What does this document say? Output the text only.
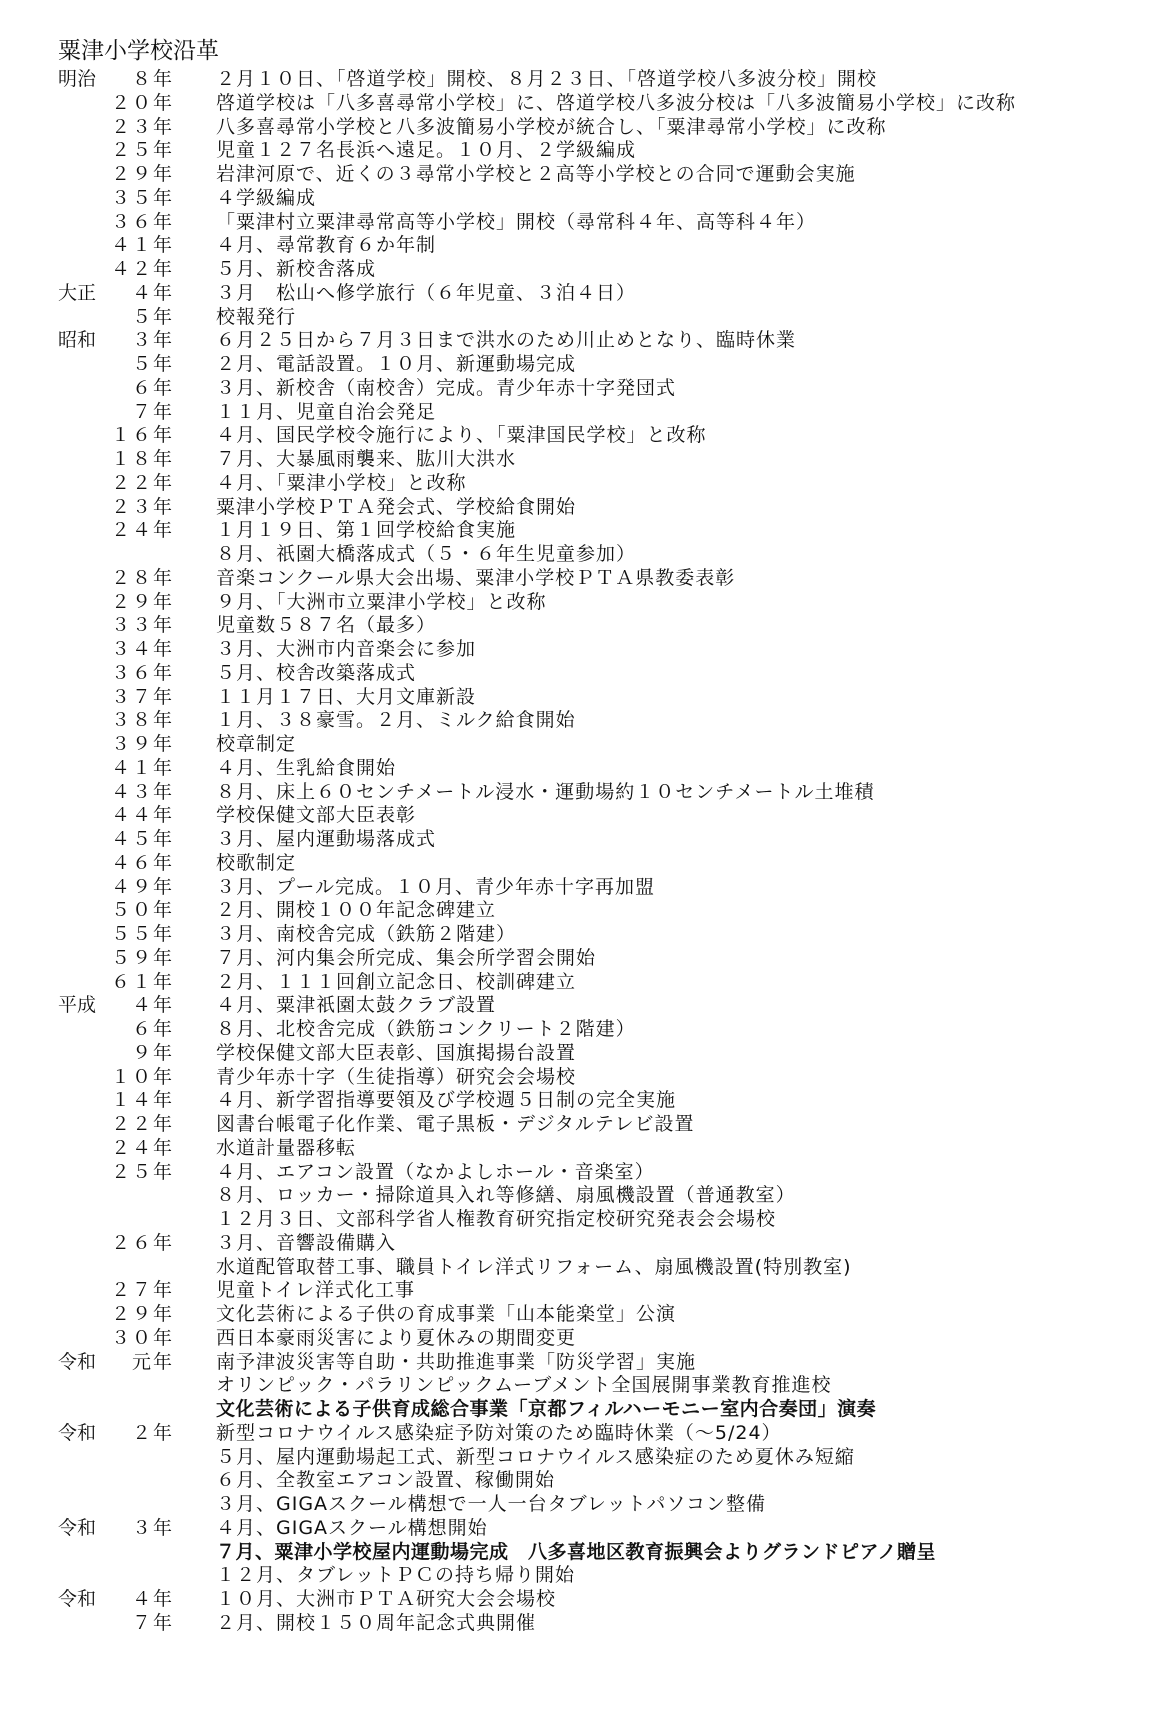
粟津小学校沿革
明治	８年 ２月１０日、「啓道学校」開校、８月２３日、「啓道学校八多波分校」開校
２０年 啓道学校は「八多喜尋常小学校」に、啓道学校八多波分校は「八多波簡易小学校」に改称
２３年 八多喜尋常小学校と八多波簡易小学校が統合し、「粟津尋常小学校」に改称
２５年 児童１２７名長浜へ遠足。１０月、２学級編成
２９年 岩津河原で、近くの３尋常小学校と２高等小学校との合同で運動会実施
３５年 ４学級編成
３６年 「粟津村立粟津尋常高等小学校」開校（尋常科４年、高等科４年）
４１年 ４月、尋常教育６か年制
４２年 ５月、新校舎落成
大正	４年 ３月　松山へ修学旅行（６年児童、３泊４日）
５年 校報発行
昭和	３年 ６月２５日から７月３日まで洪水のため川止めとなり、臨時休業
５年 ２月、電話設置。１０月、新運動場完成
６年 ３月、新校舎（南校舎）完成。青少年赤十字発団式
７年 １１月、児童自治会発足
１６年 ４月、国民学校令施行により、「粟津国民学校」と改称
１８年 ７月、大暴風雨襲来、肱川大洪水
２２年 ４月、「粟津小学校」と改称
２３年 粟津小学校ＰＴＡ発会式、学校給食開始
２４年 １月１９日、第１回学校給食実施
８月、祇園大橋落成式（５・６年生児童参加）
２８年 音楽コンクール県大会出場、粟津小学校ＰＴＡ県教委表彰
２９年 ９月、「大洲市立粟津小学校」と改称
３３年 児童数５８７名（最多）
３４年 ３月、大洲市内音楽会に参加
３６年 ５月、校舎改築落成式
３７年 １１月１７日、大月文庫新設
３８年 １月、３８豪雪。２月、ミルク給食開始
３９年 校章制定
４１年 ４月、生乳給食開始
４３年 ８月、床上６０センチメートル浸水・運動場約１０センチメートル土堆積
４４年 学校保健文部大臣表彰
４５年 ３月、屋内運動場落成式
４６年 校歌制定
４９年 ３月、プール完成。１０月、青少年赤十字再加盟
５０年 ２月、開校１００年記念碑建立
５５年 ３月、南校舎完成（鉄筋２階建）
５９年 ７月、河内集会所完成、集会所学習会開始
６１年 ２月、１１１回創立記念日、校訓碑建立
平成	４年 ４月、粟津祇園太鼓クラブ設置
６年 ８月、北校舎完成（鉄筋コンクリート２階建）
９年 学校保健文部大臣表彰、国旗掲揚台設置
１０年 青少年赤十字（生徒指導）研究会会場校
１４年 ４月、新学習指導要領及び学校週５日制の完全実施
２２年 図書台帳電子化作業、電子黒板・デジタルテレビ設置
２４年 水道計量器移転
２５年 ４月、エアコン設置（なかよしホール・音楽室）
８月、ロッカー・掃除道具入れ等修繕、扇風機設置（普通教室）
１２月３日、文部科学省人権教育研究指定校研究発表会会場校
２６年 ３月、音響設備購入
水道配管取替工事、職員トイレ洋式リフォーム、扇風機設置(特別教室)
２７年 児童トイレ洋式化工事
２９年 文化芸術による子供の育成事業「山本能楽堂」公演
３０年 西日本豪雨災害により夏休みの期間変更
令和	元年 南予津波災害等自助・共助推進事業「防災学習」実施
オリンピック・パラリンピックムーブメント全国展開事業教育推進校
文化芸術による子供育成総合事業「京都フィルハーモニー室内合奏団」演奏
令和	２年 新型コロナウイルス感染症予防対策のため臨時休業（～5/24）
５月、屋内運動場起工式、新型コロナウイルス感染症のため夏休み短縮
６月、全教室エアコン設置、稼働開始
３月、GIGAスクール構想で一人一台タブレットパソコン整備
令和	３年 ４月、GIGAスクール構想開始
７月、粟津小学校屋内運動場完成　八多喜地区教育振興会よりグランドピアノ贈呈
１２月、タブレットＰＣの持ち帰り開始
令和	４年 １０月、大洲市ＰＴＡ研究大会会場校
７年 ２月、開校１５０周年記念式典開催
